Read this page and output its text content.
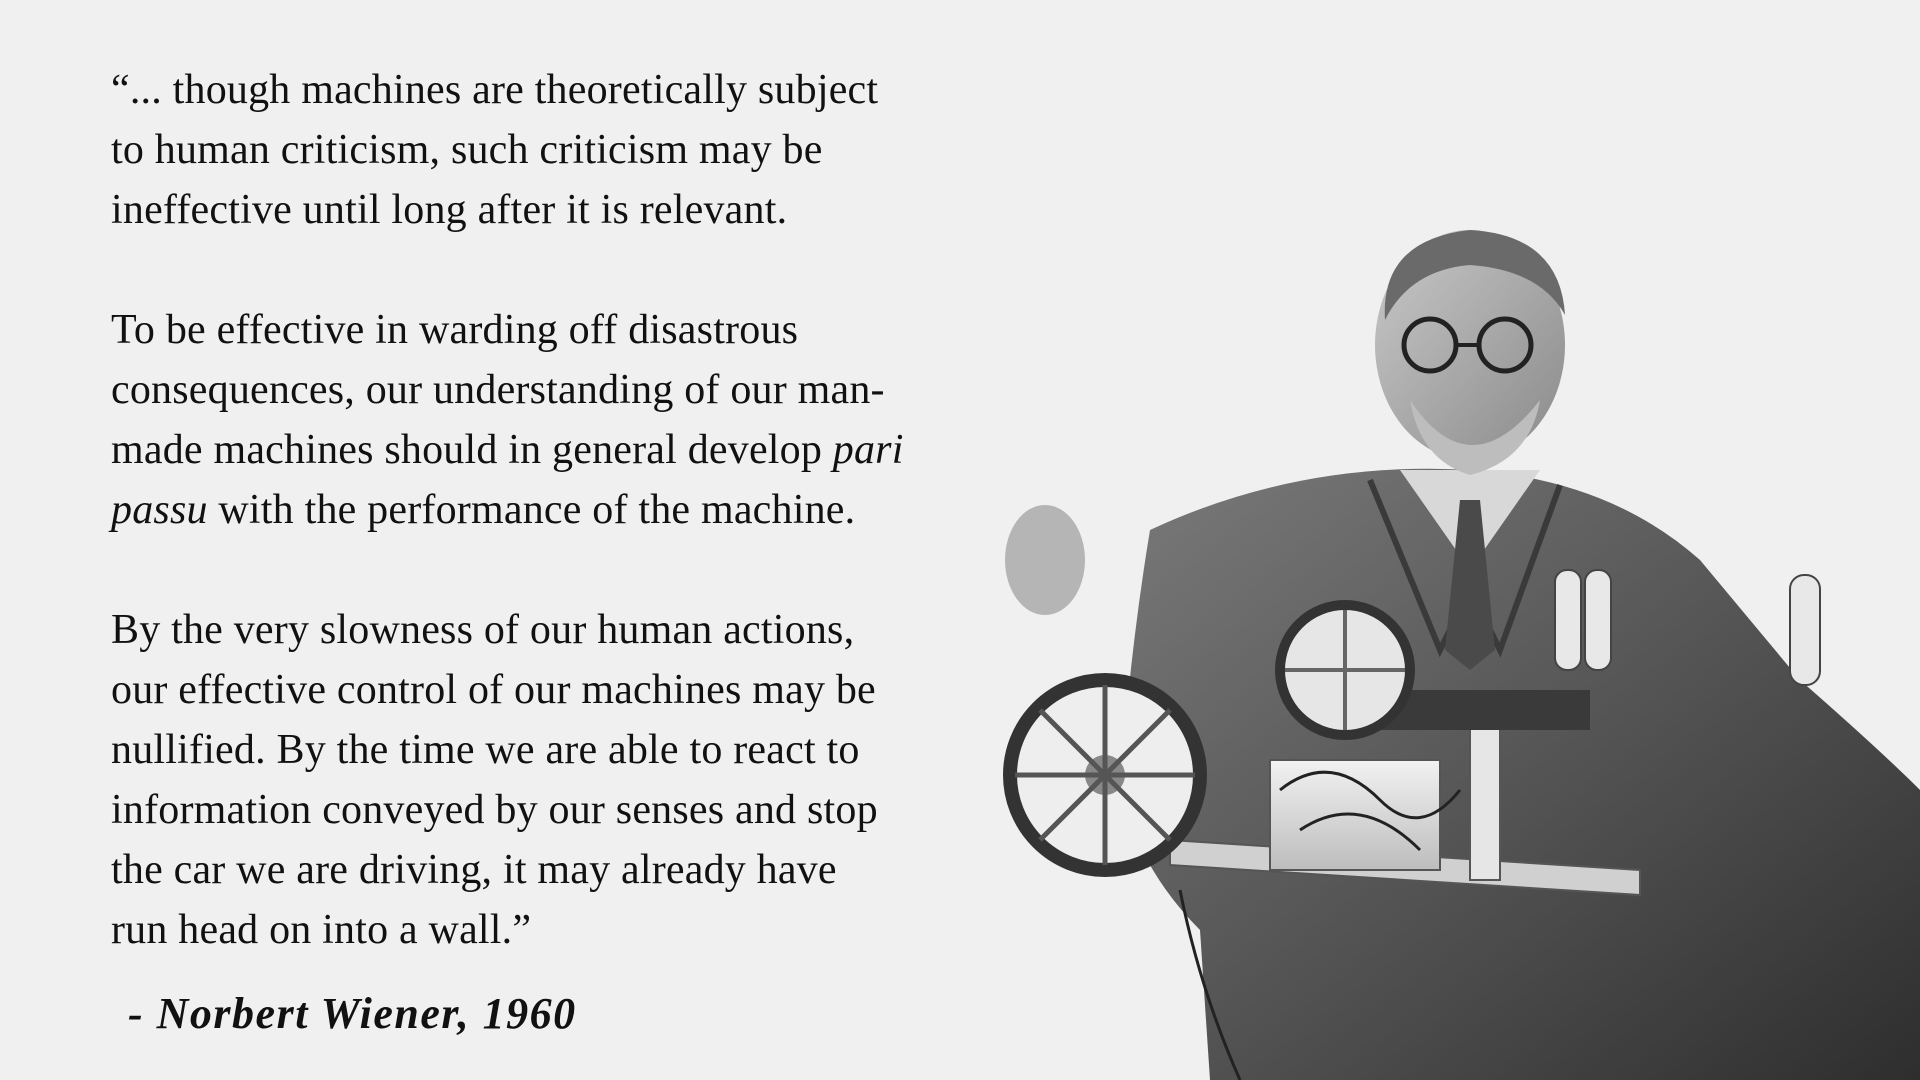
“... though machines are theoretically subject
to human criticism, such criticism may be
ineffective until long after it is relevant.
To be effective in warding off disastrous
consequences, our understanding of our man-
made machines should in general develop pari
passu with the performance of the machine.
By the very slowness of our human actions,
our effective control of our machines may be
nullified. By the time we are able to react to
information conveyed by our senses and stop
the car we are driving, it may already have
run head on into a wall.”
- Norbert Wiener, 1960
